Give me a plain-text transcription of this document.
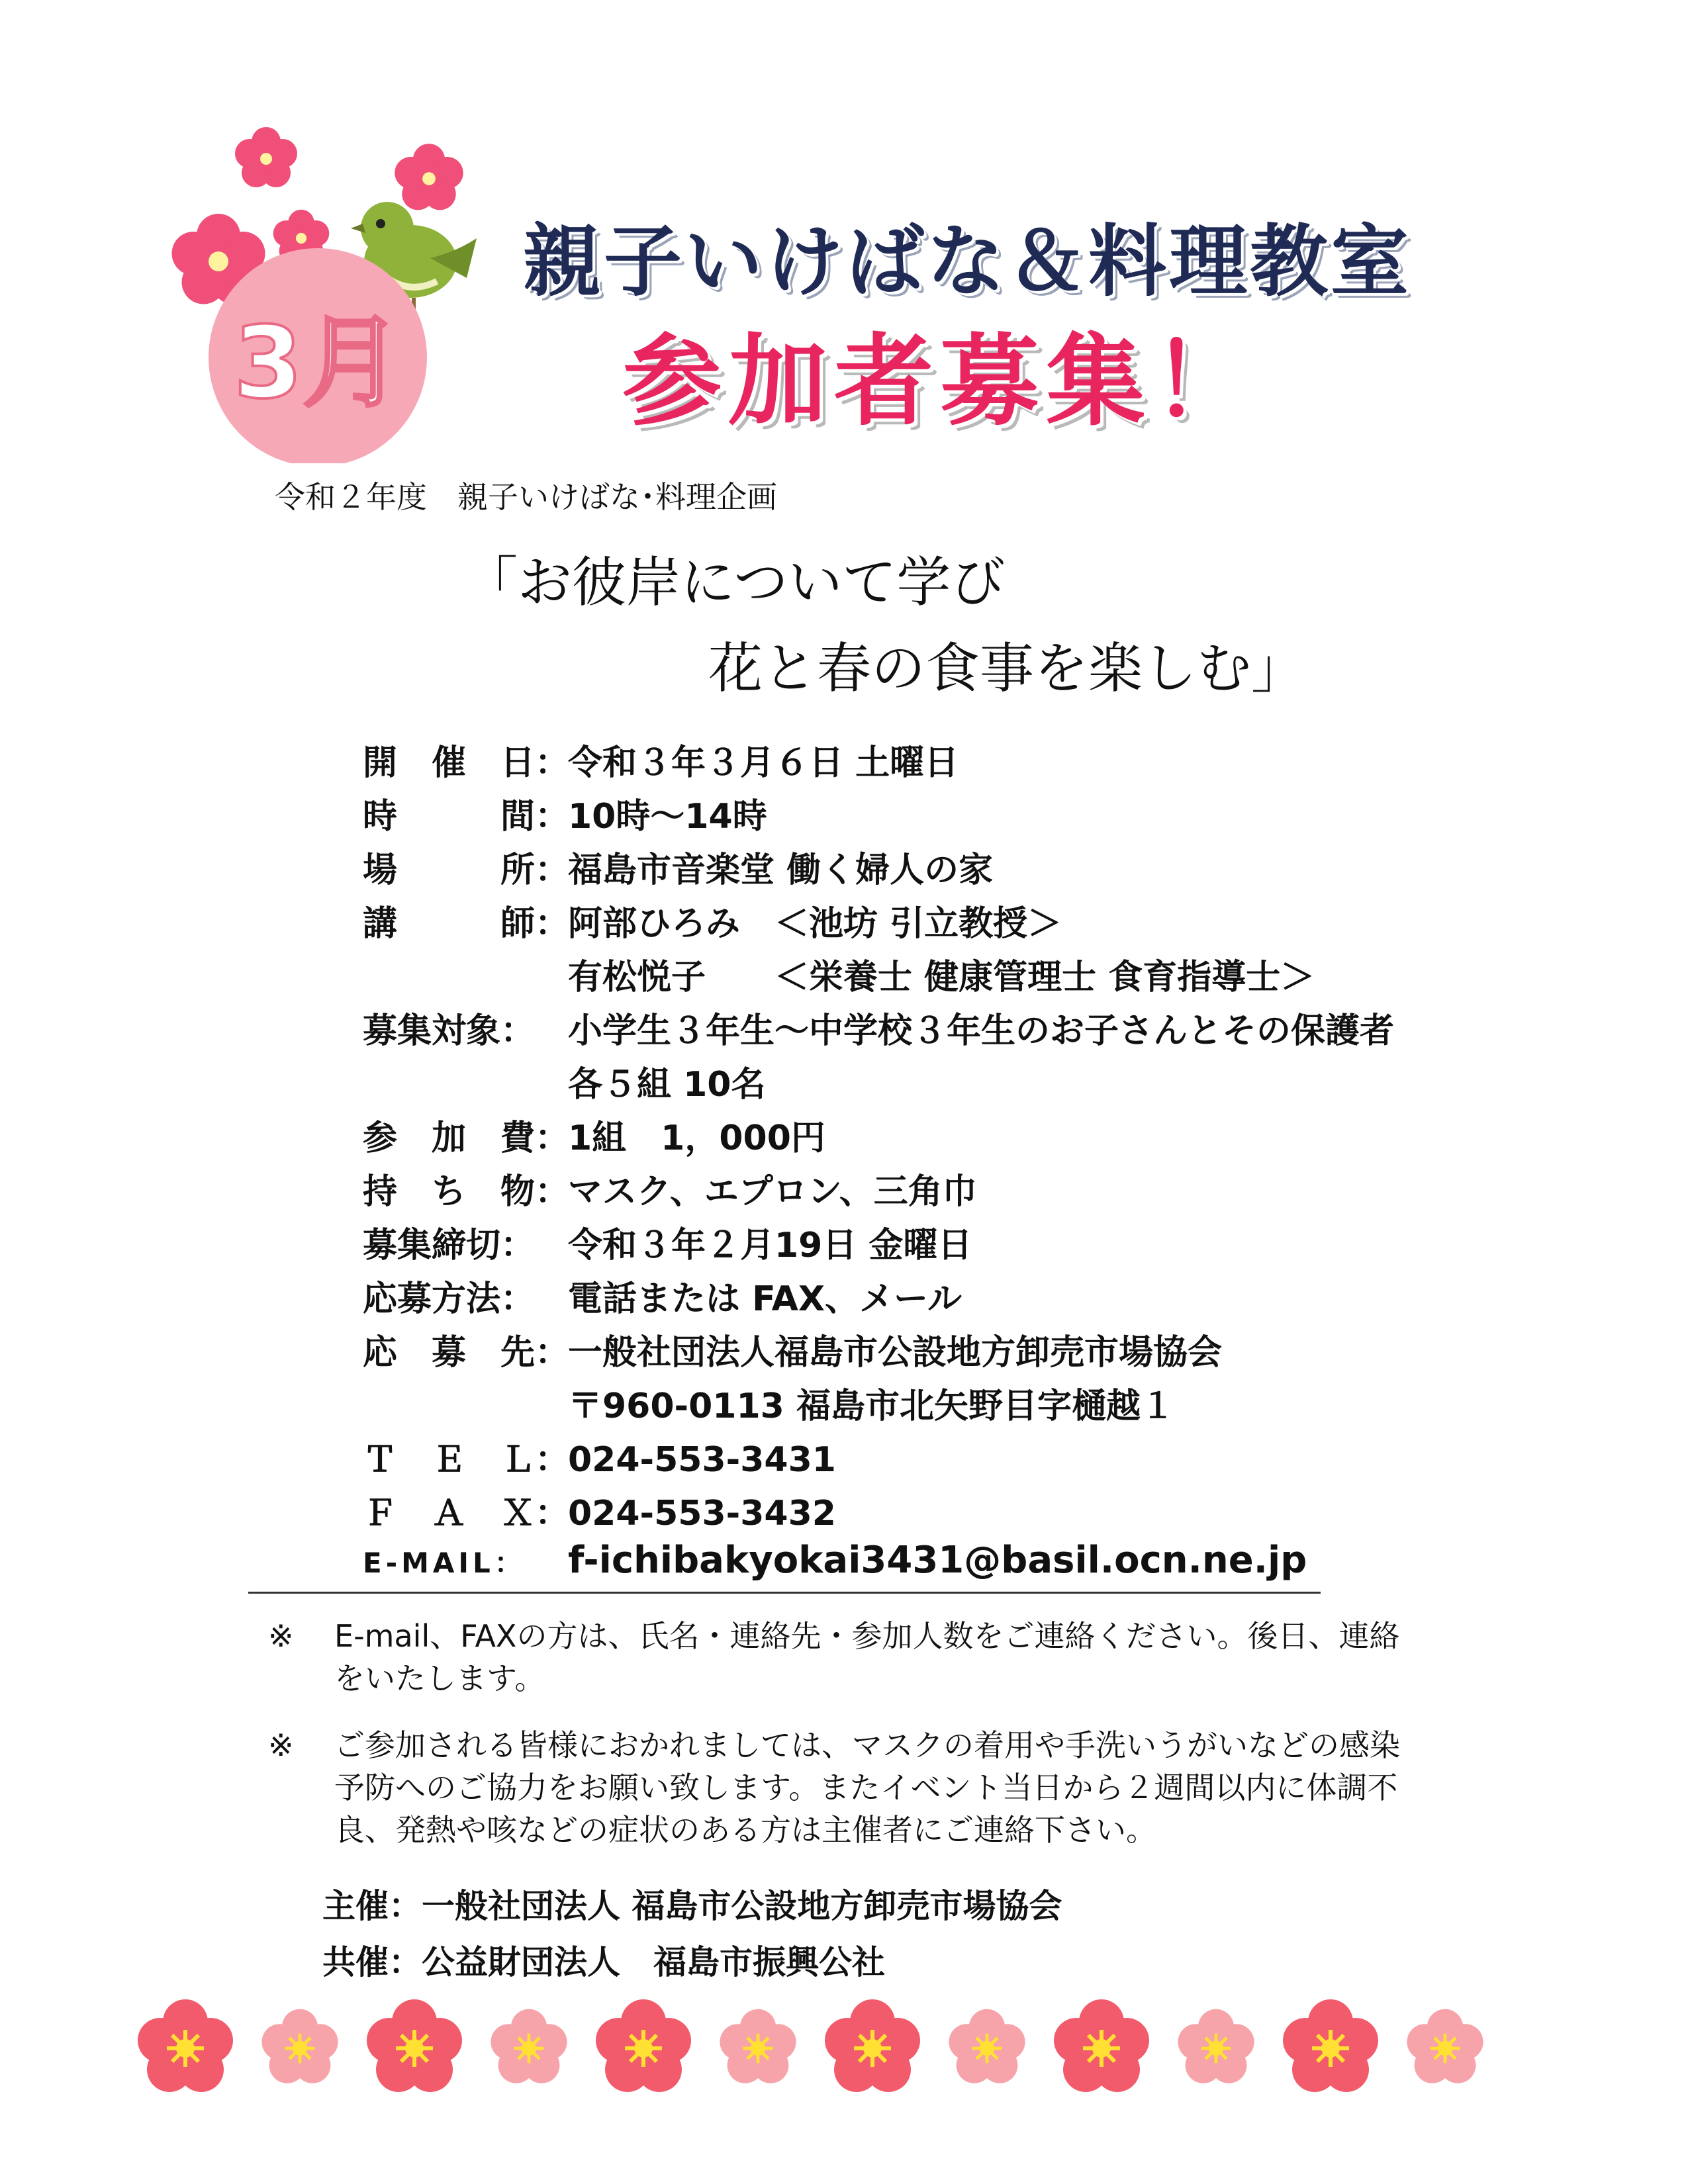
3月
親子いけばな＆料理教室
参加者募集！
令和２年度　親子いけばな･料理企画
「お彼岸について学び
花と春の食事を楽しむ」
開　催　日：
令和３年３月６日 土曜日
時　　　間：
10時～14時
場　　　所：
福島市音楽堂 働く婦人の家
講　　　師：
阿部ひろみ　＜池坊 引立教授＞
有松悦子　　＜栄養士 健康管理士 食育指導士＞
募集対象： 小学生３年生～中学校３年生のお子さんとその保護者
各５組 10名
参　加　費：
1組　1，000円
持　ち　物：
マスク、エプロン、三角巾
募集締切： 令和３年２月19日 金曜日
応募方法： 電話または FAX、メール
応　募　先：
一般社団法人福島市公設地方卸売市場協会
〒960-0113 福島市北矢野目字樋越１
Ｔ　Ｅ　Ｌ：
024-553-3431
Ｆ　Ａ　Ｘ：
024-553-3432
E-MAIL：	f-ichibakyokai3431@basil.ocn.ne.jp
※ E-mail、FAXの方は、氏名・連絡先・参加人数をご連絡ください。後日、連絡をいたします。
※ ご参加される皆様におかれましては、マスクの着用や手洗いうがいなどの感染予防へのご協力をお願い致します。またイベント当日から２週間以内に体調不良、発熱や咳などの症状のある方は主催者にご連絡下さい。
主催：一般社団法人 福島市公設地方卸売市場協会
共催：公益財団法人　福島市振興公社
